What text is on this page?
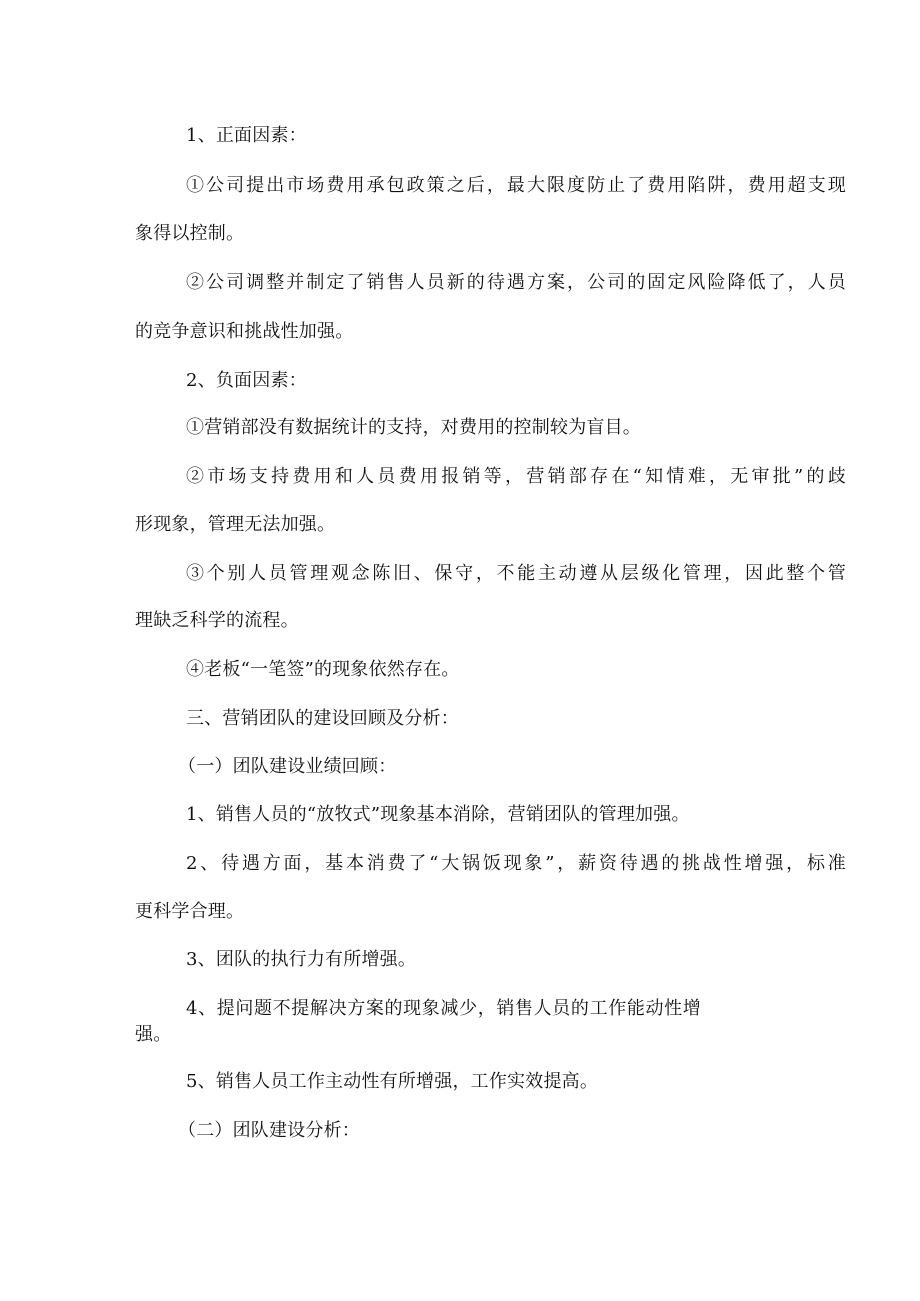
1、正面因素：
①公司提出市场费用承包政策之后，最大限度防止了费用陷阱，费用超支现
象得以控制。
②公司调整并制定了销售人员新的待遇方案，公司的固定风险降低了，人员
的竞争意识和挑战性加强。
2、负面因素：
①营销部没有数据统计的支持，对费用的控制较为盲目。
②市场支持费用和人员费用报销等，营销部存在“知情难，无审批”的歧
形现象，管理无法加强。
③个别人员管理观念陈旧、保守，不能主动遵从层级化管理，因此整个管
理缺乏科学的流程。
④老板“一笔签”的现象依然存在。
三、营销团队的建设回顾及分析：
（一）团队建设业绩回顾：
1、销售人员的“放牧式”现象基本消除，营销团队的管理加强。
2、待遇方面，基本消费了“大锅饭现象”，薪资待遇的挑战性增强，标准
更科学合理。
3、团队的执行力有所增强。
4、提问题不提解决方案的现象减少，销售人员的工作能动性增
强。
5、销售人员工作主动性有所增强，工作实效提高。
（二）团队建设分析：
